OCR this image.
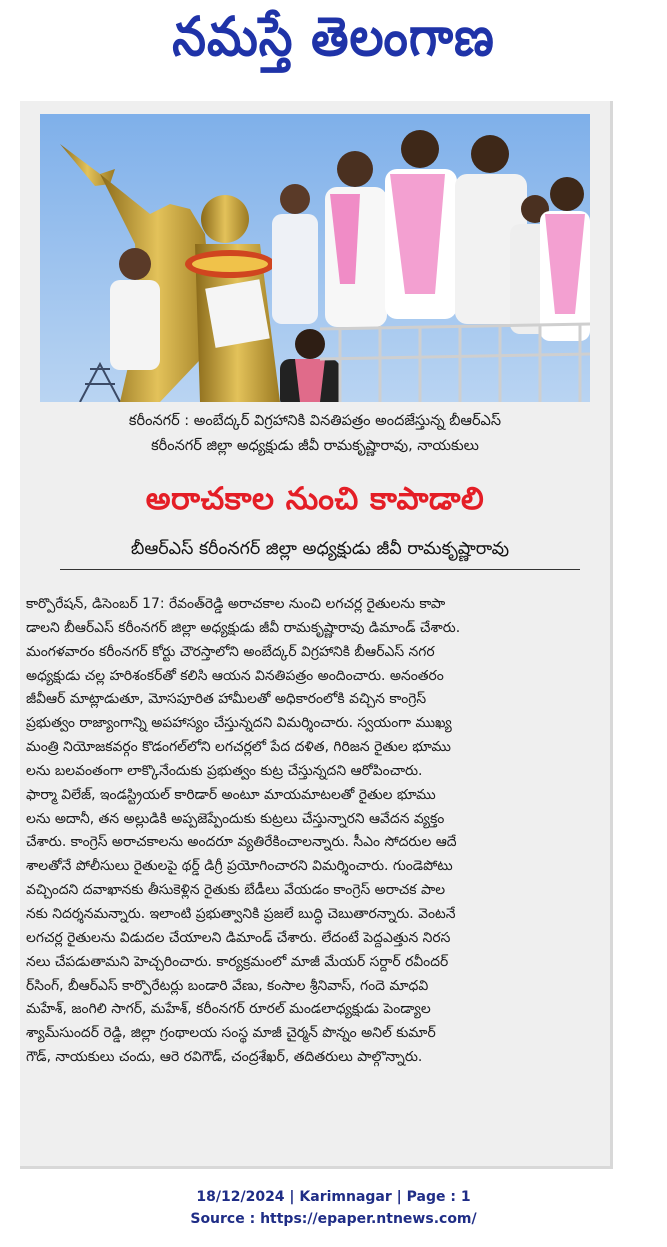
నమస్తే తెలంగాణ

కరీంనగర్ : అంబేద్కర్ విగ్రహానికి వినతిపత్రం అందజేస్తున్న బీఆర్ఎస్

కరీంనగర్ జిల్లా అధ్యక్షుడు జీవీ రామకృష్ణారావు, నాయకులు

అరాచకాల నుంచి కాపాడాలి
బీఆర్ఎస్ కరీంనగర్ జిల్లా అధ్యక్షుడు జీవీ రామకృష్ణారావు

కార్పొరేషన్, డిసెంబర్ 17: రేవంత్‌రెడ్డి అరాచకాల నుంచి లగచర్ల రైతులను కాపా

డాలని బీఆర్ఎస్ కరీంనగర్ జిల్లా అధ్యక్షుడు జీవీ రామకృష్ణారావు డిమాండ్ చేశారు.

మంగళవారం కరీంనగర్ కోర్టు చౌరస్తాలోని అంబేద్కర్ విగ్రహానికి బీఆర్ఎస్ నగర

అధ్యక్షుడు చల్ల హరిశంకర్‌తో కలిసి ఆయన వినతిపత్రం అందించారు. అనంతరం

జీవీఆర్ మాట్లాడుతూ, మోసపూరిత హామీలతో అధికారంలోకి వచ్చిన కాంగ్రెస్

ప్రభుత్వం రాజ్యాంగాన్ని అపహాస్యం చేస్తున్నదని విమర్శించారు. స్వయంగా ముఖ్య

మంత్రి నియోజకవర్గం కొడంగల్‌లోని లగచర్లలో పేద దళిత, గిరిజన రైతుల భూము

లను బలవంతంగా లాక్కొనేందుకు ప్రభుత్వం కుట్ర చేస్తున్నదని ఆరోపించారు.

ఫార్మా విలేజ్, ఇండస్ట్రియల్ కారిడార్ అంటూ మాయమాటలతో రైతుల భూము

లను అదానీ, తన అల్లుడికి అప్పజెప్పేందుకు కుట్రలు చేస్తున్నారని ఆవేదన వ్యక్తం

చేశారు. కాంగ్రెస్ అరాచకాలను అందరూ వ్యతిరేకించాలన్నారు. సీఎం సోదరుల ఆదే

శాలతోనే పోలీసులు రైతులపై థర్డ్ డిగ్రీ ప్రయోగించారని విమర్శించారు. గుండెపోటు

వచ్చిందని దవాఖానకు తీసుకెళ్లిన రైతుకు బేడీలు వేయడం కాంగ్రెస్ అరాచక పాల

నకు నిదర్శనమన్నారు. ఇలాంటి ప్రభుత్వానికి ప్రజలే బుద్ధి చెబుతారన్నారు. వెంటనే

లగచర్ల రైతులను విడుదల చేయాలని డిమాండ్ చేశారు. లేదంటే పెద్దఎత్తున నిరస

నలు చేపడుతామని హెచ్చరించారు. కార్యక్రమంలో మాజీ మేయర్ సర్దార్ రవీందర్

ర్‌సింగ్, బీఆర్ఎస్ కార్పొరేటర్లు బండారి వేణు, కంసాల శ్రీనివాస్, గందె మాధవి

మహేశ్, జంగిలి సాగర్, మహేశ్, కరీంనగర్ రూరల్ మండలాధ్యక్షుడు పెండ్యాల

శ్యామ్‌సుందర్ రెడ్డి, జిల్లా గ్రంథాలయ సంస్థ మాజీ చైర్మన్ పొన్నం అనిల్ కుమార్

గౌడ్, నాయకులు చందు, ఆరె రవిగౌడ్, చంద్రశేఖర్, తదితరులు పాల్గొన్నారు.

18/12/2024 | Karimnagar | Page : 1

Source : https://epaper.ntnews.com/
